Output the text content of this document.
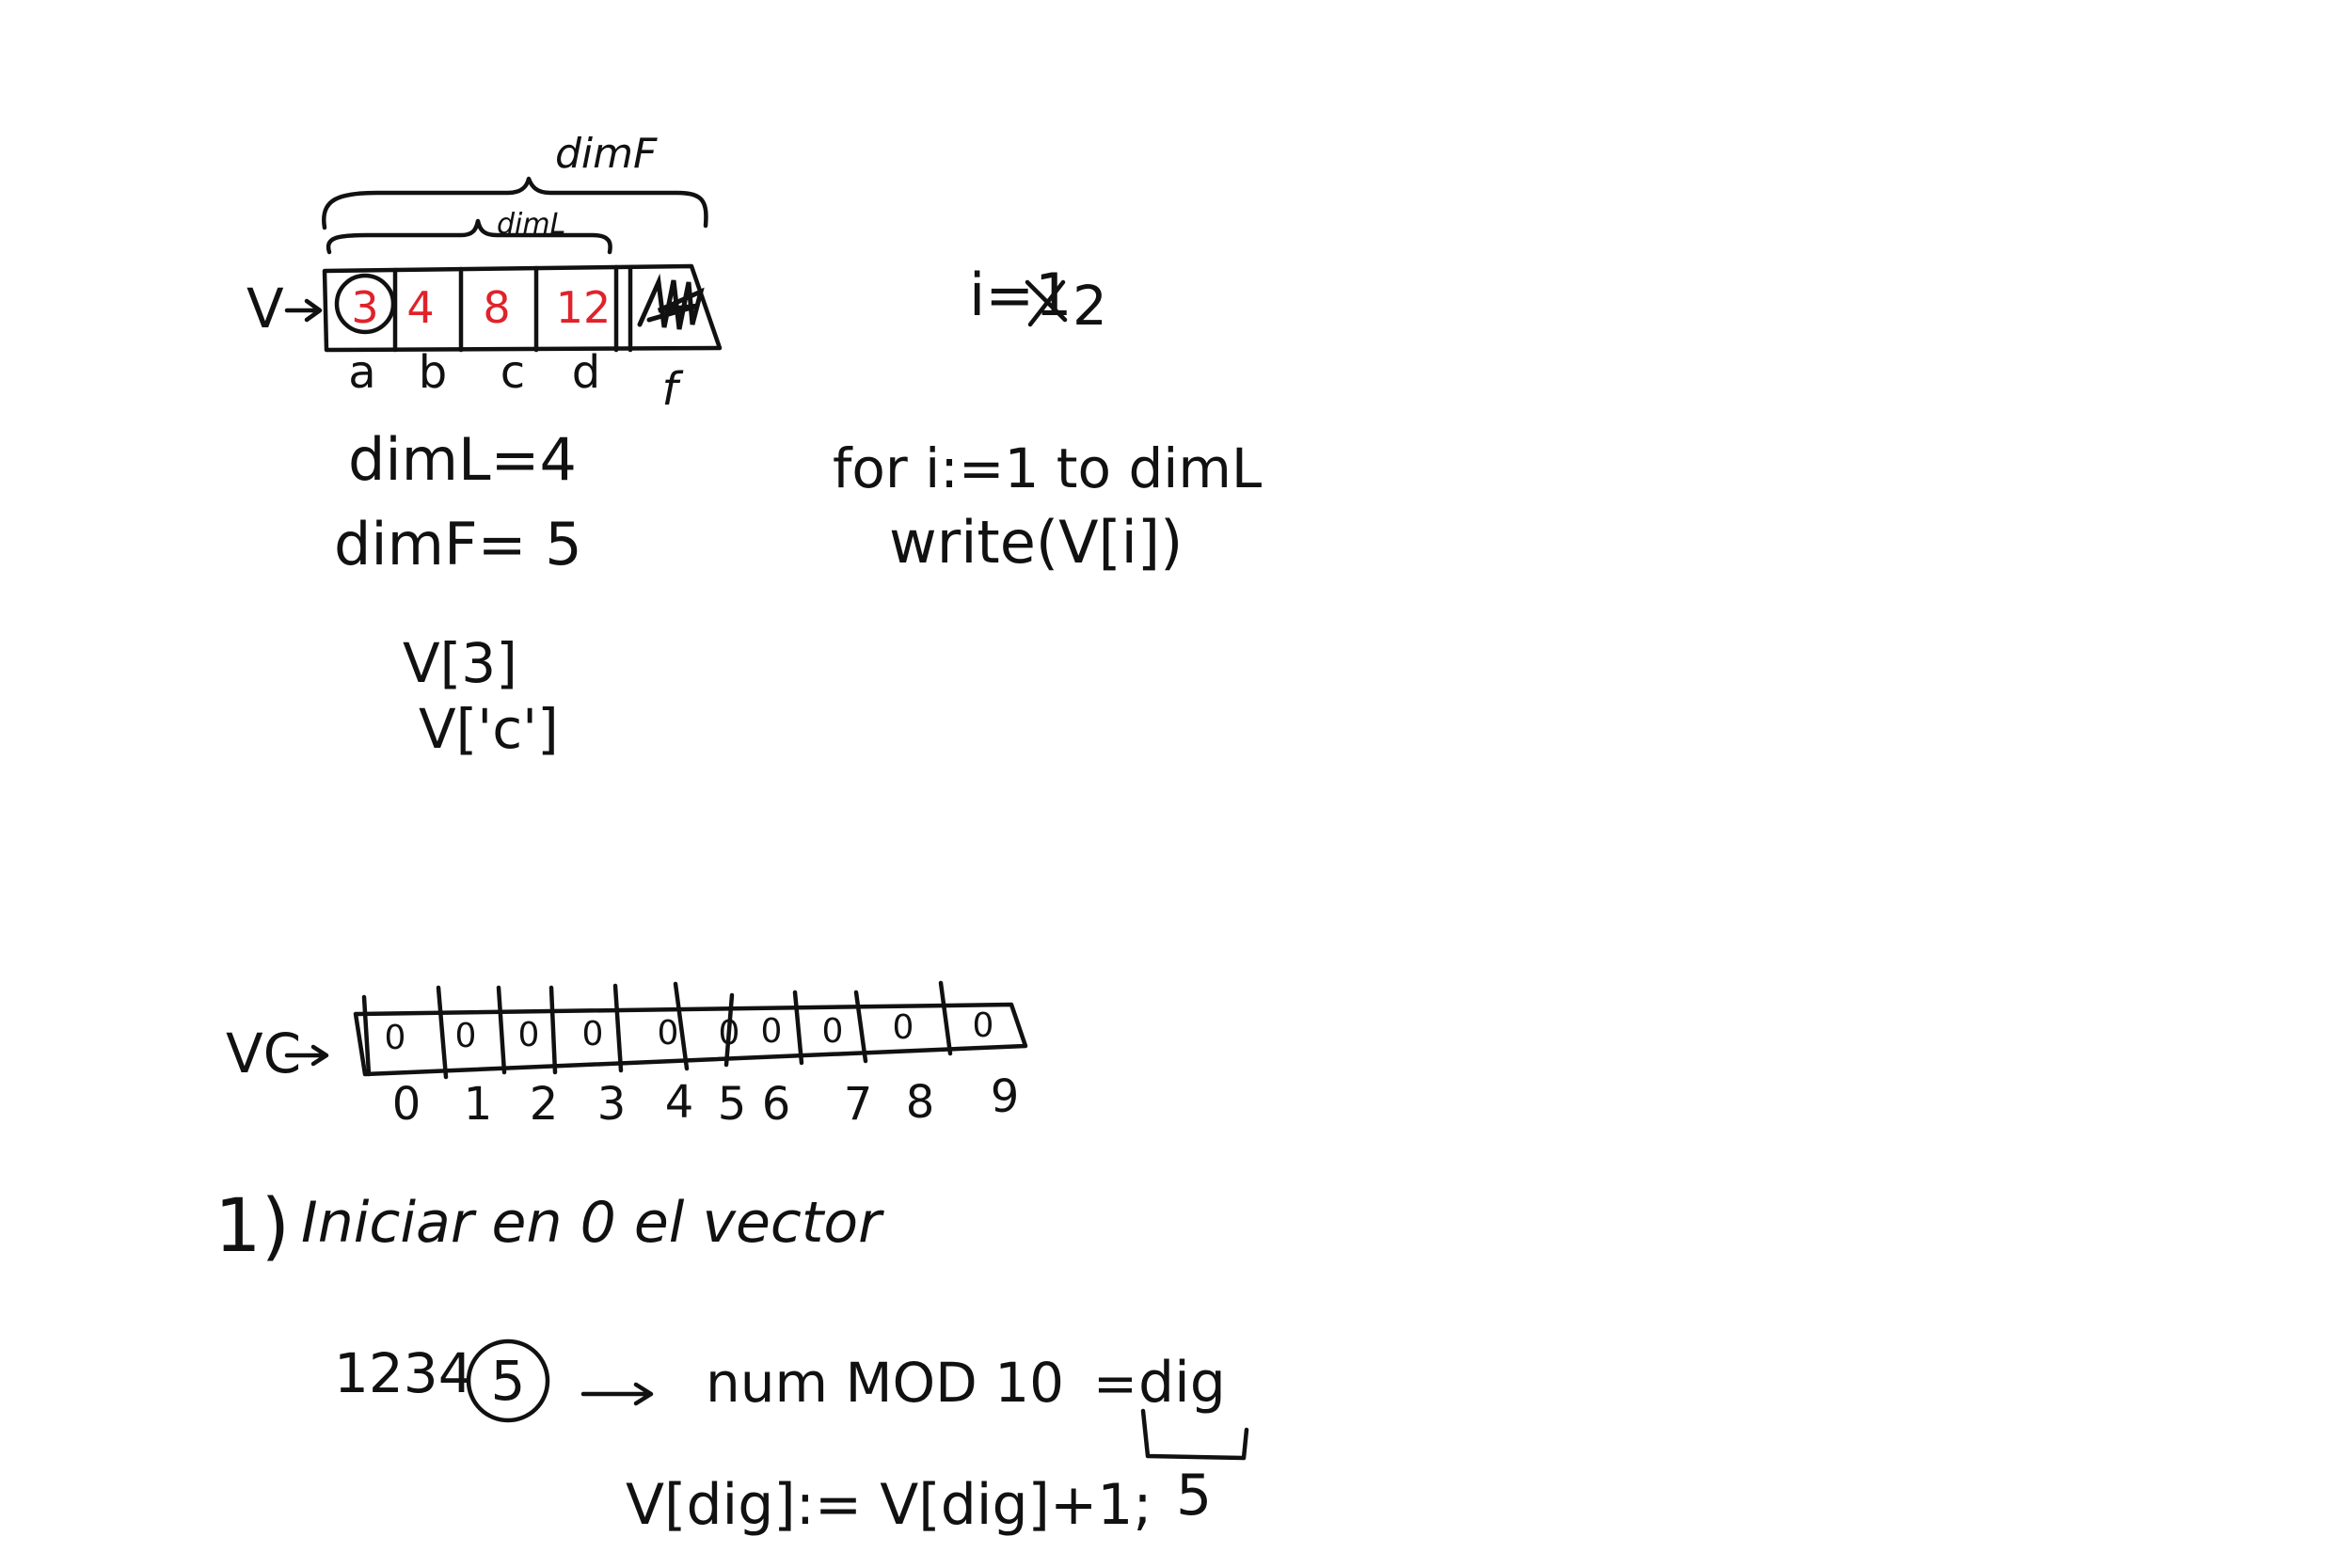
dimF
dimL
V 3 4 8 12
a b c d f
dimL=4
dimF= 5
V[3]
V['c']
i= 1 2
for i:=1 to dimL
write(V[i])
VC 0 0 0 0 0 0 0 0 0 0
0 1 2 3 4 5 6 7 8 9
1) Iniciar en 0 el vector
1234 5	num MOD 10 = dig
5
V[dig]:= V[dig]+1;
